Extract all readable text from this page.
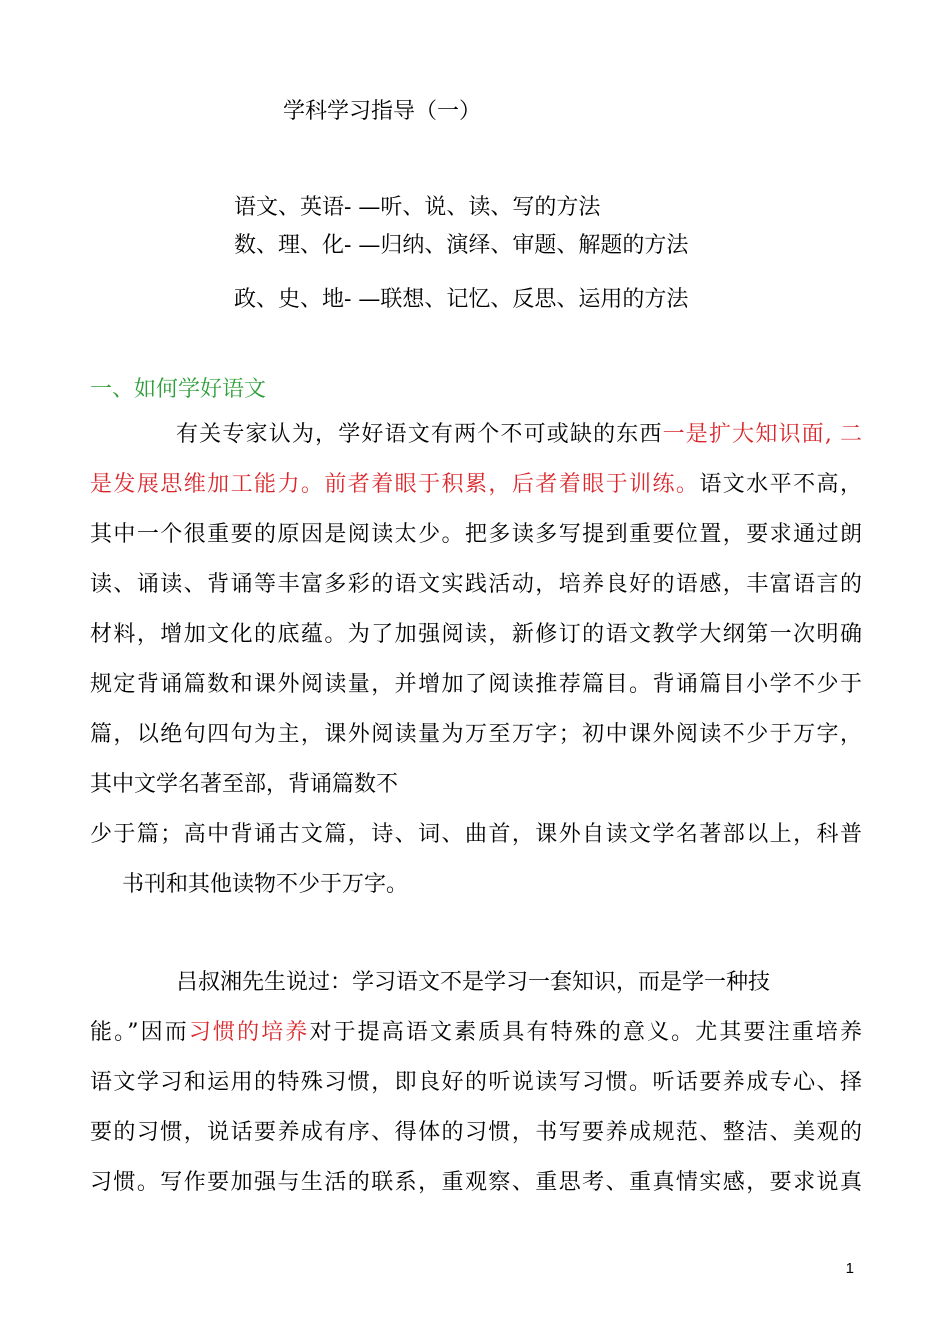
学科学习指导（一）
语文、英语- —听、说、读、写的方法
数、理、化- —归纳、演绎、审题、解题的方法
政、史、地- —联想、记忆、反思、运用的方法
一、如何学好语文
有关专家认为，学好语文有两个不可或缺的东西一是扩大知识面, 二
是发展思维加工能力。前者着眼于积累，后者着眼于训练。语文水平不高，
其中一个很重要的原因是阅读太少。把多读多写提到重要位置，要求通过朗
读、诵读、背诵等丰富多彩的语文实践活动，培养良好的语感，丰富语言的
材料，增加文化的底蕴。为了加强阅读，新修订的语文教学大纲第一次明确
规定背诵篇数和课外阅读量，并增加了阅读推荐篇目。背诵篇目小学不少于
篇，以绝句四句为主，课外阅读量为万至万字；初中课外阅读不少于万字，
其中文学名著至部，背诵篇数不
少于篇；高中背诵古文篇，诗、词、曲首，课外自读文学名著部以上，科普
书刊和其他读物不少于万字。
吕叔湘先生说过：学习语文不是学习一套知识，而是学一种技
能。”因而习惯的培养对于提高语文素质具有特殊的意义。尤其要注重培养
语文学习和运用的特殊习惯，即良好的听说读写习惯。听话要养成专心、择
要的习惯，说话要养成有序、得体的习惯，书写要养成规范、整洁、美观的
习惯。写作要加强与生活的联系，重观察、重思考、重真情实感，要求说真
1
